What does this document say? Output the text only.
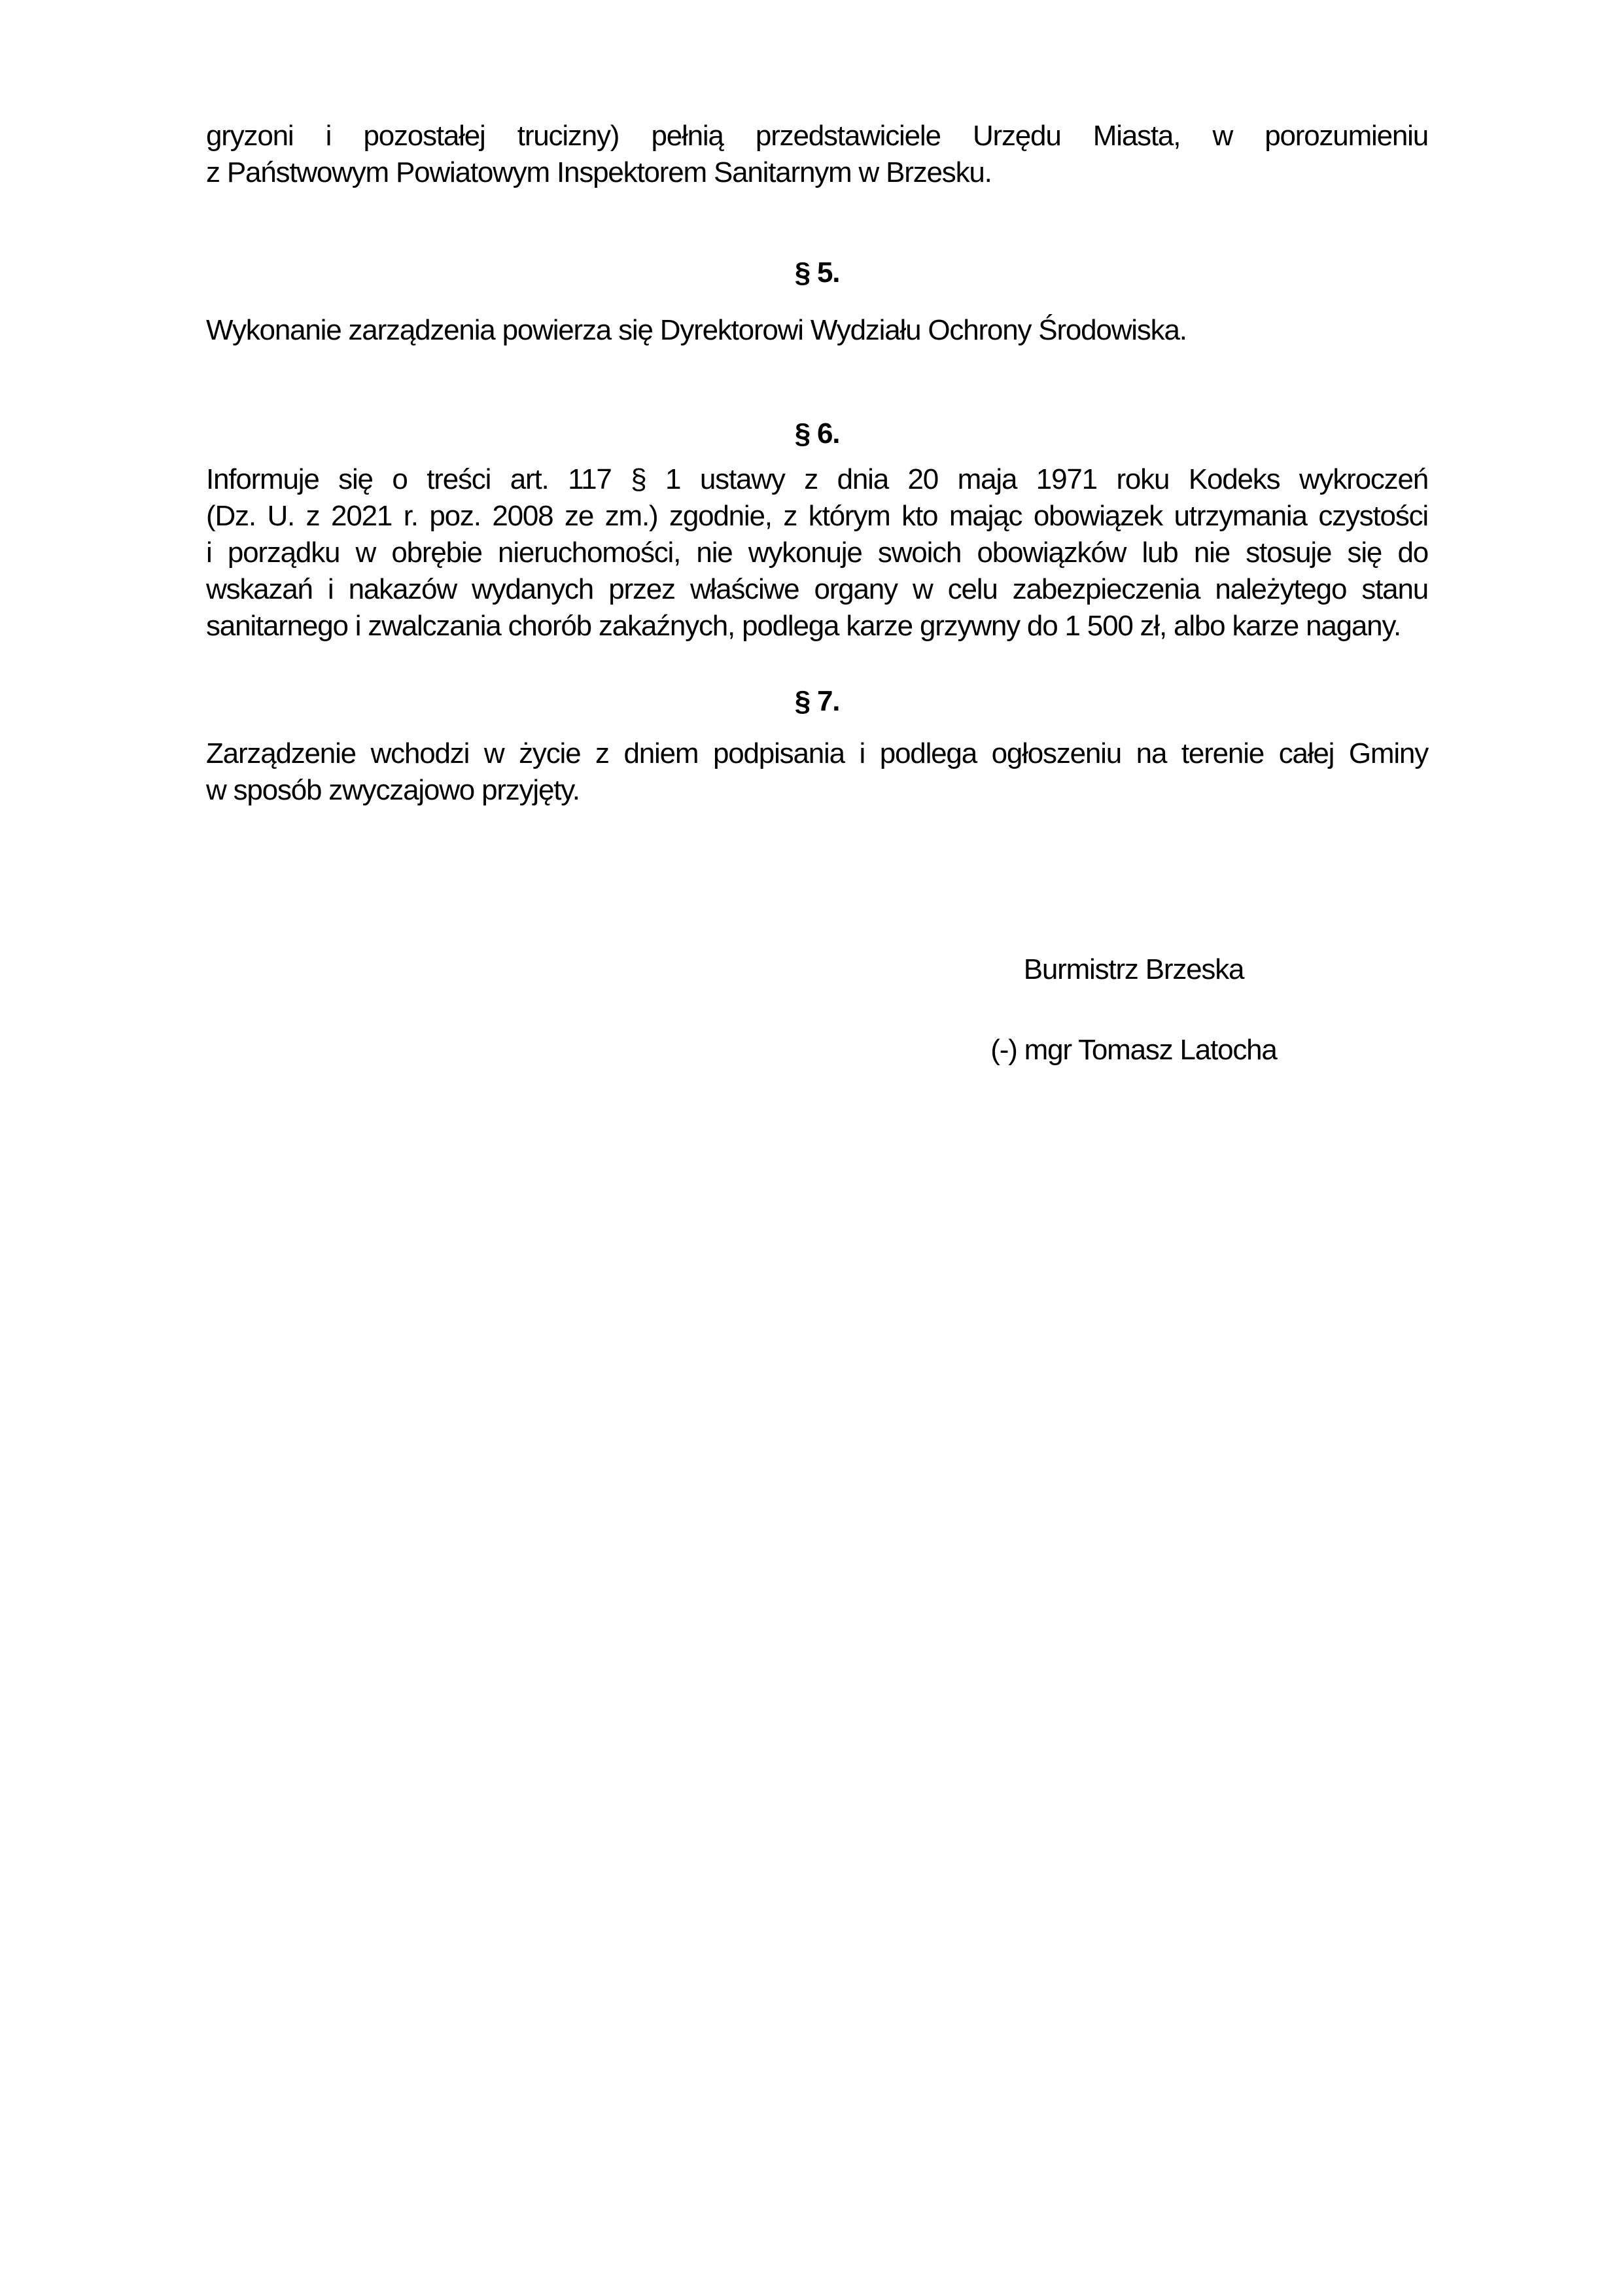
gryzoni i pozostałej trucizny) pełnią przedstawiciele Urzędu Miasta, w porozumieniu
z Państwowym Powiatowym Inspektorem Sanitarnym w Brzesku.
§ 5.
Wykonanie zarządzenia powierza się Dyrektorowi Wydziału Ochrony Środowiska.
§ 6.
Informuje się o treści art. 117 § 1 ustawy z dnia 20 maja 1971 roku Kodeks wykroczeń
(Dz. U. z 2021 r. poz. 2008 ze zm.) zgodnie, z którym kto mając obowiązek utrzymania czystości
i porządku w obrębie nieruchomości, nie wykonuje swoich obowiązków lub nie stosuje się do
wskazań i nakazów wydanych przez właściwe organy w celu zabezpieczenia należytego stanu
sanitarnego i zwalczania chorób zakaźnych, podlega karze grzywny do 1 500 zł, albo karze nagany.
§ 7.
Zarządzenie wchodzi w życie z dniem podpisania i podlega ogłoszeniu na terenie całej Gminy
w sposób zwyczajowo przyjęty.
Burmistrz Brzeska
(-) mgr Tomasz Latocha
